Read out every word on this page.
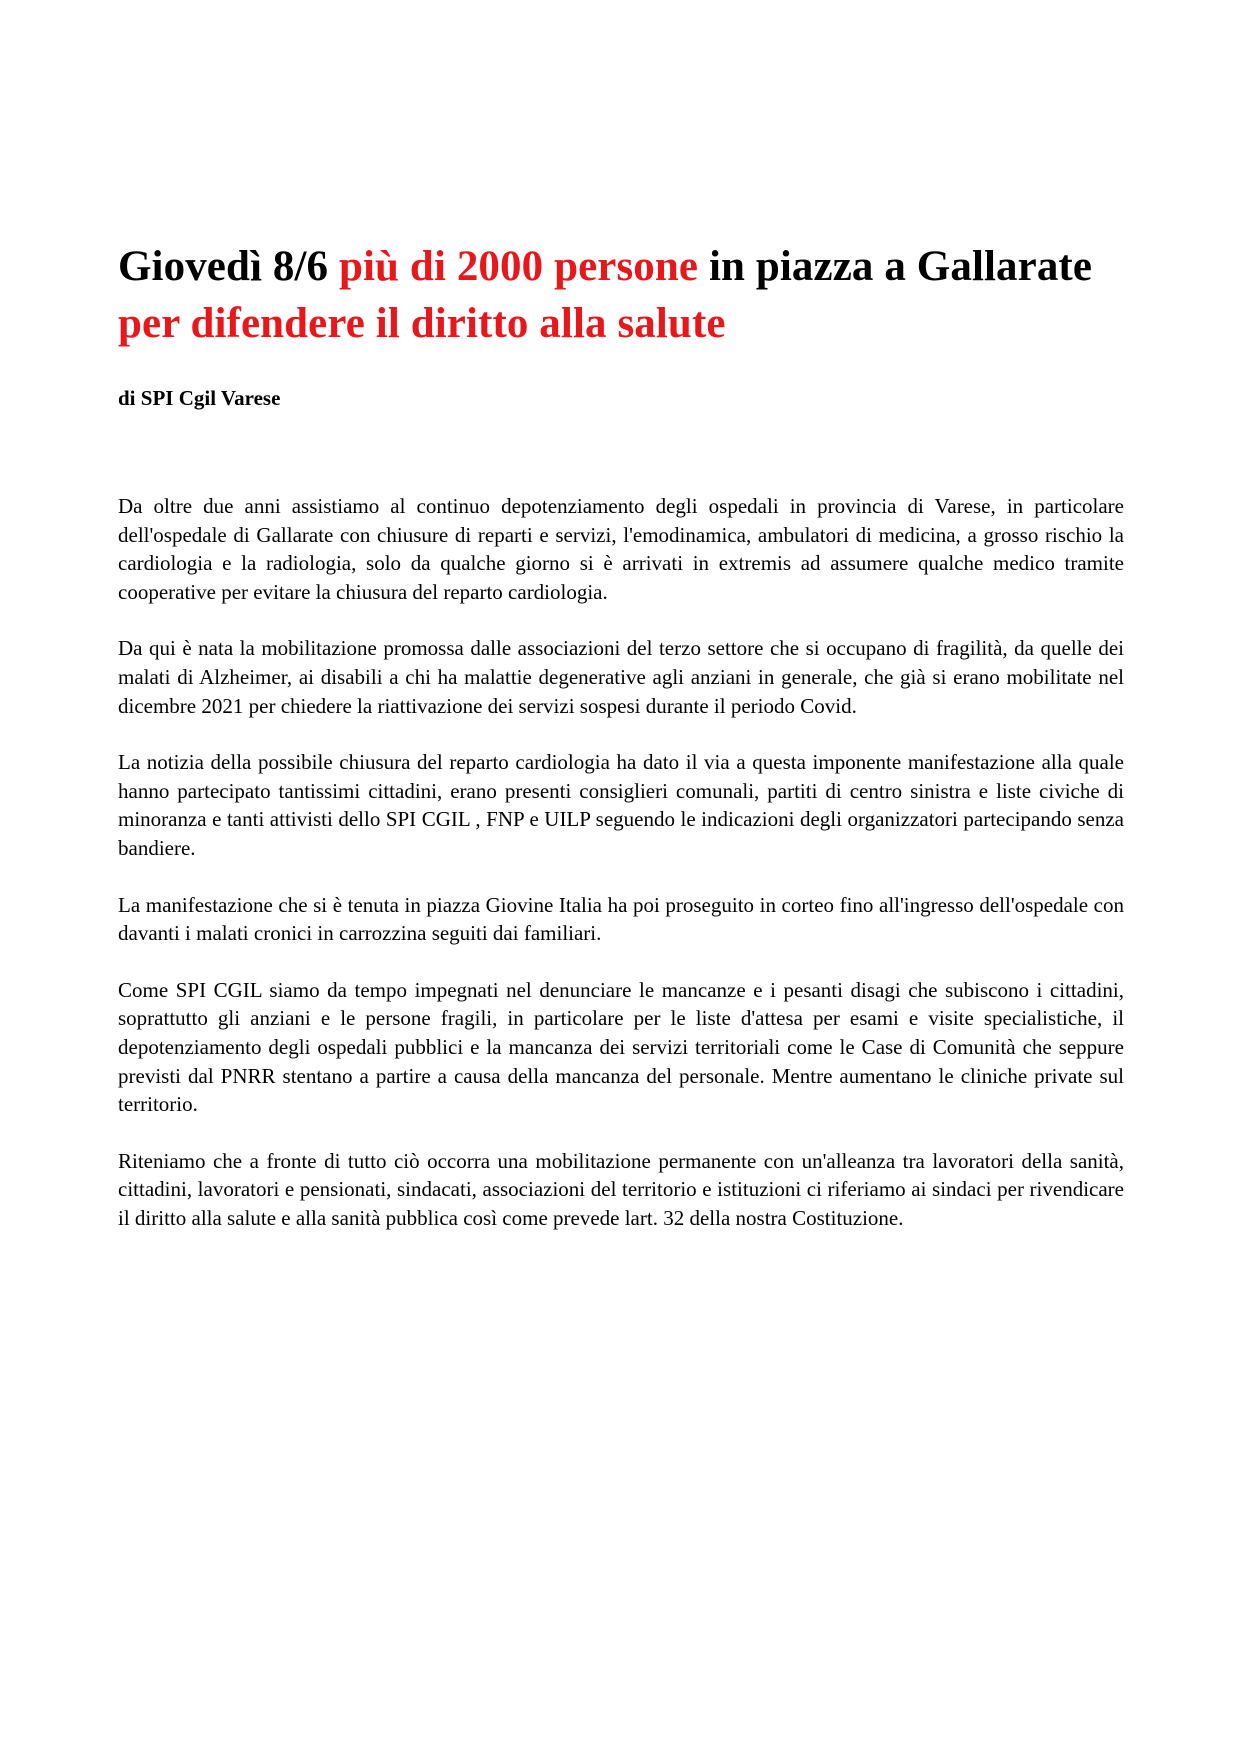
Giovedì 8/6 più di 2000 persone in piazza a Gallarate per difendere il diritto alla salute

di SPI Cgil Varese

Da oltre due anni assistiamo al continuo depotenziamento degli ospedali in provincia di Varese, in particolare dell'ospedale di Gallarate con chiusure di reparti e servizi, l'emodinamica, ambulatori di medicina, a grosso rischio la cardiologia e la radiologia, solo da qualche giorno si è arrivati in extremis ad assumere qualche medico tramite cooperative per evitare la chiusura del reparto cardiologia.

Da qui è nata la mobilitazione promossa dalle associazioni del terzo settore che si occupano di fragilità, da quelle dei malati di Alzheimer, ai disabili a chi ha malattie degenerative agli anziani in generale, che già si erano mobilitate nel dicembre 2021 per chiedere la riattivazione dei servizi sospesi durante il periodo Covid.

La notizia della possibile chiusura del reparto cardiologia ha dato il via a questa imponente manifestazione alla quale hanno partecipato tantissimi cittadini, erano presenti consiglieri comunali, partiti di centro sinistra e liste civiche di minoranza e tanti attivisti dello SPI CGIL , FNP e UILP seguendo le indicazioni degli organizzatori partecipando senza bandiere.

La manifestazione che si è tenuta in piazza Giovine Italia ha poi proseguito in corteo fino all'ingresso dell'ospedale con davanti i malati cronici in carrozzina seguiti dai familiari.

Come SPI CGIL siamo da tempo impegnati nel denunciare le mancanze e i pesanti disagi che subiscono i cittadini, soprattutto gli anziani e le persone fragili, in particolare per le liste d'attesa per esami e visite specialistiche, il depotenziamento degli ospedali pubblici e la mancanza dei servizi territoriali come le Case di Comunità che seppure previsti dal PNRR stentano a partire a causa della mancanza del personale. Mentre aumentano le cliniche private sul territorio.

Riteniamo che a fronte di tutto ciò occorra una mobilitazione permanente con un'alleanza tra lavoratori della sanità, cittadini, lavoratori e pensionati, sindacati, associazioni del territorio e istituzioni ci riferiamo ai sindaci per rivendicare il diritto alla salute e alla sanità pubblica così come prevede lart. 32 della nostra Costituzione.
